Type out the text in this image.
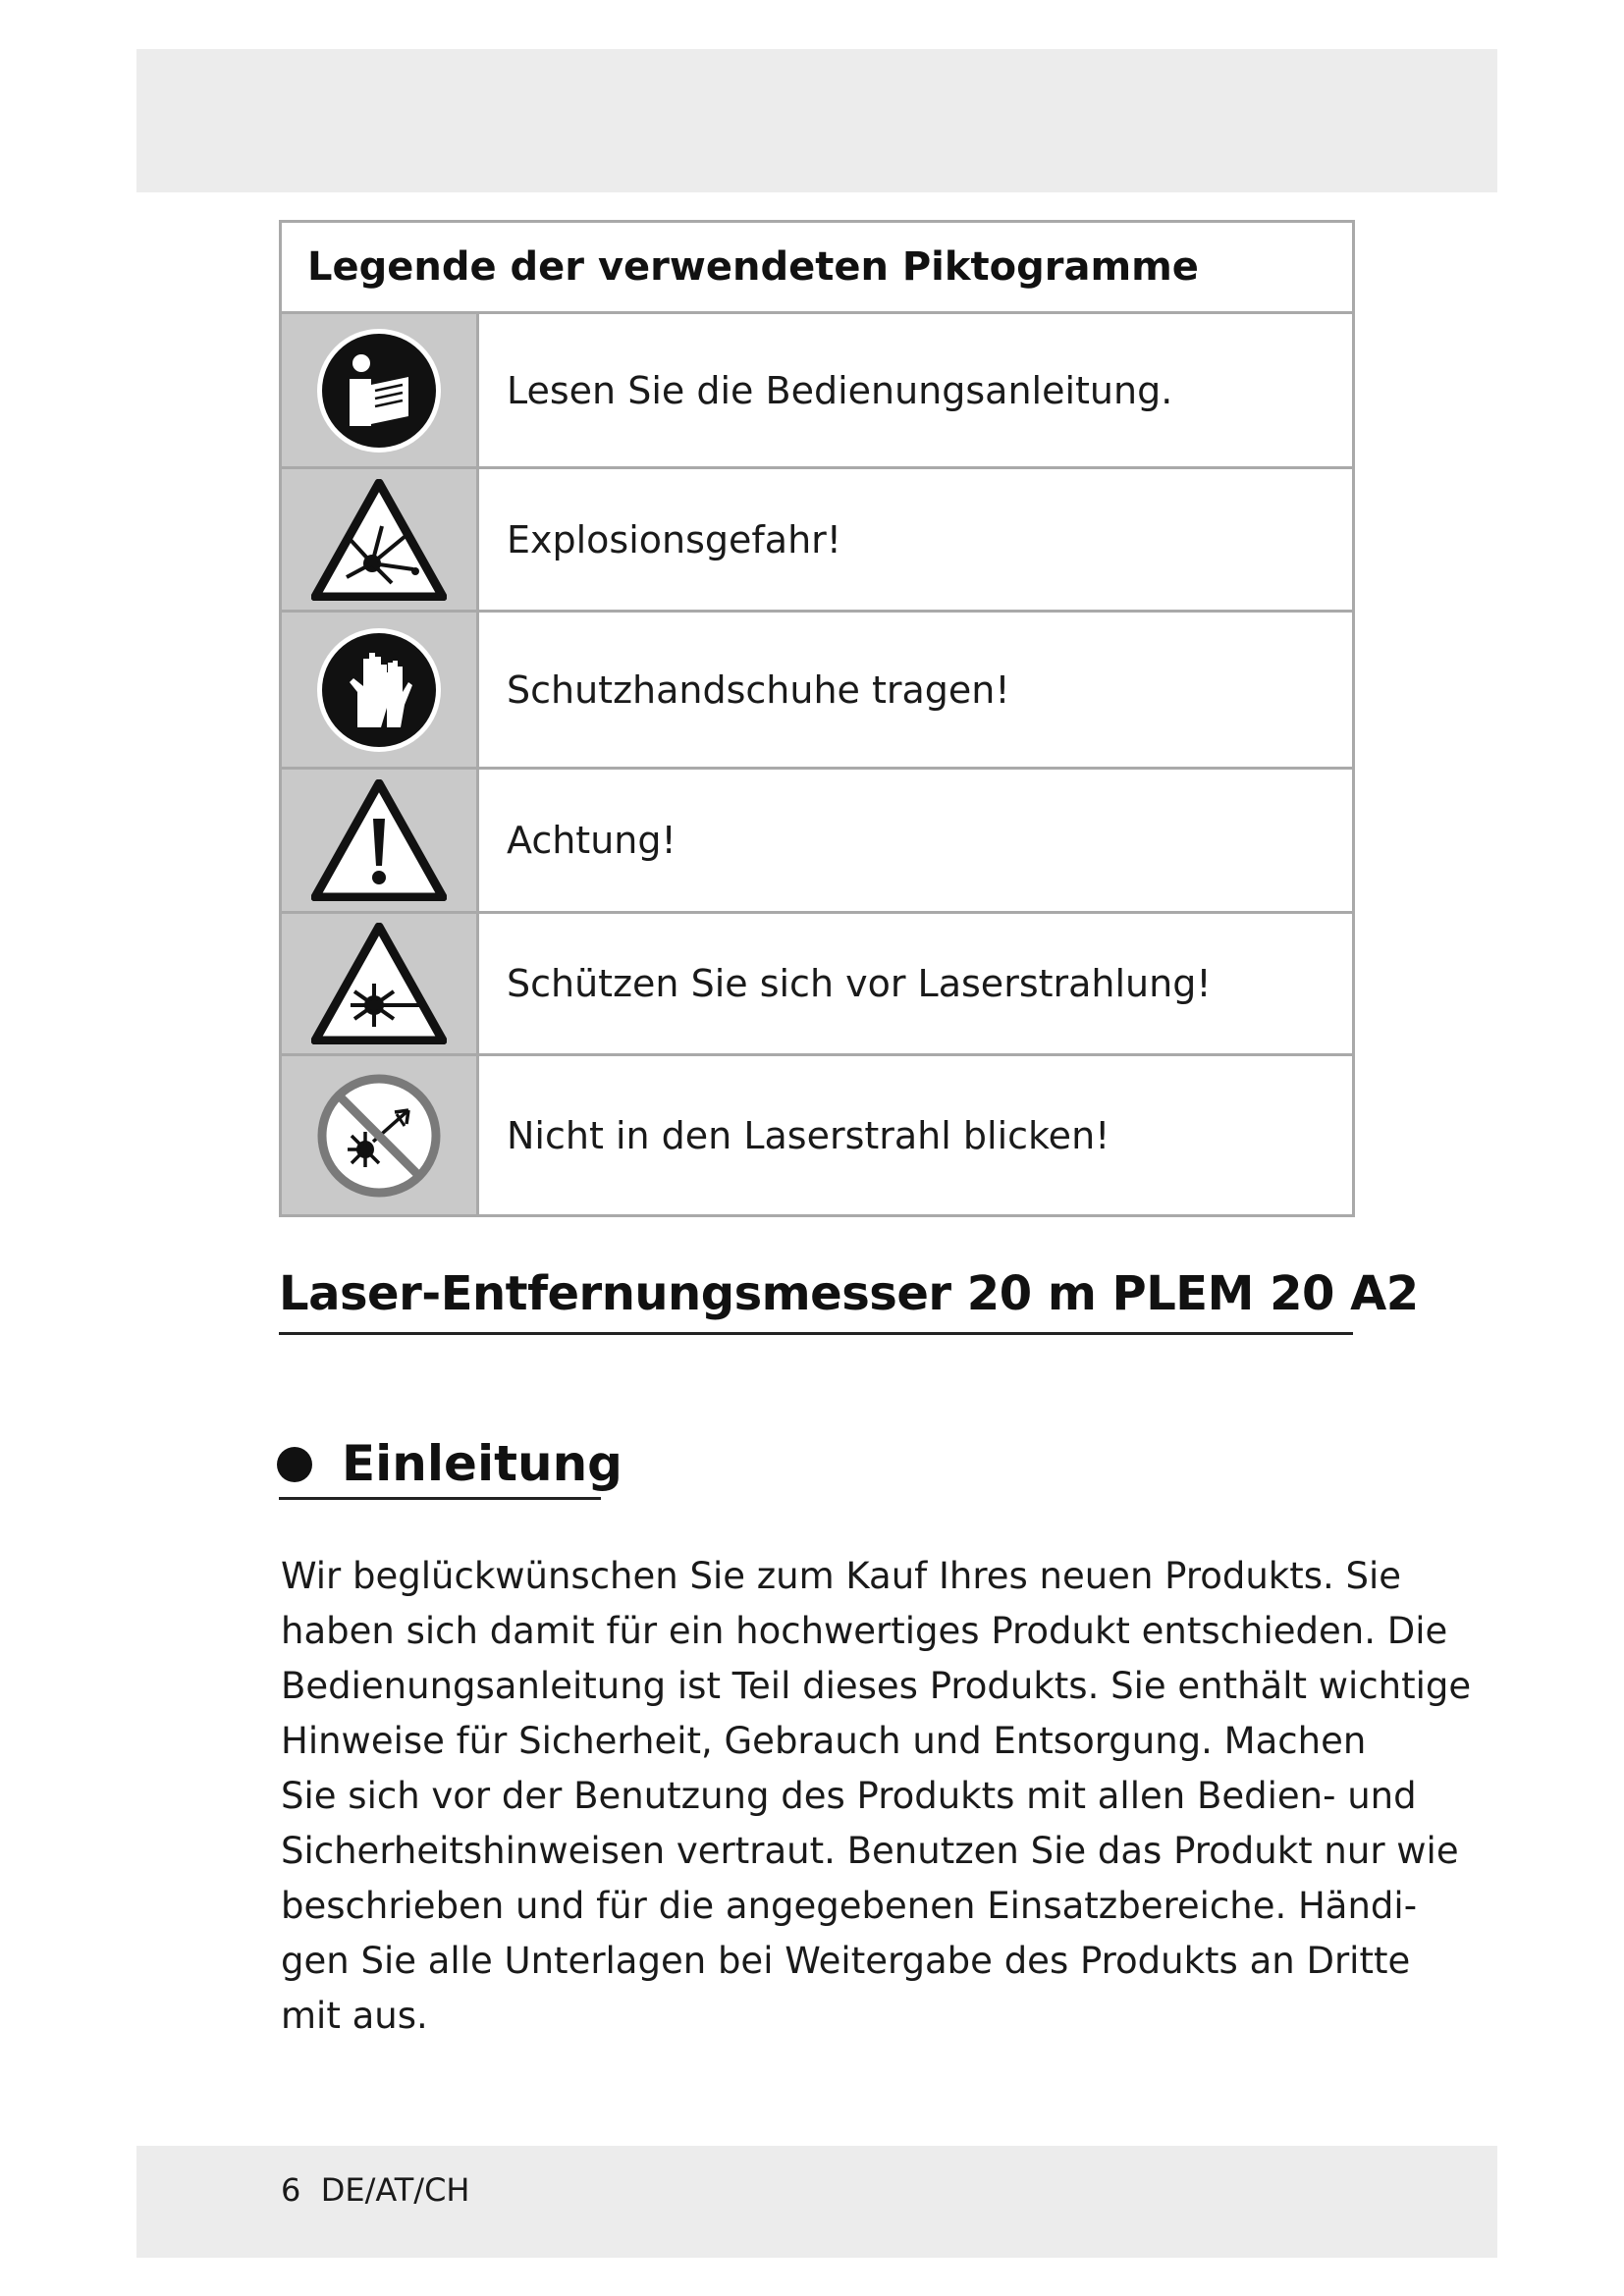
Legende der verwendeten Piktogramme	

	Lesen Sie die Bedienungsanleitung.

	Explosionsgefahr!

	Schutzhandschuhe tragen!

	Achtung!

	Schützen Sie sich vor Laserstrahlung!

	Nicht in den Laserstrahl blicken!
Laser-Entfernungsmesser 20 m PLEM 20 A2
Einleitung

Wir beglückwünschen Sie zum Kauf Ihres neuen Produkts. Sie
haben sich damit für ein hochwertiges Produkt entschieden. Die
Bedienungsanleitung ist Teil dieses Produkts. Sie enthält wichtige
Hinweise für Sicherheit, Gebrauch und Entsorgung. Machen
Sie sich vor der Benutzung des Produkts mit allen Bedien- und
Sicherheitshinweisen vertraut. Benutzen Sie das Produkt nur wie
beschrieben und für die angegebenen Einsatzbereiche. Händi-
gen Sie alle Unterlagen bei Weitergabe des Produkts an Dritte
mit aus.

6 DE/AT/CH
